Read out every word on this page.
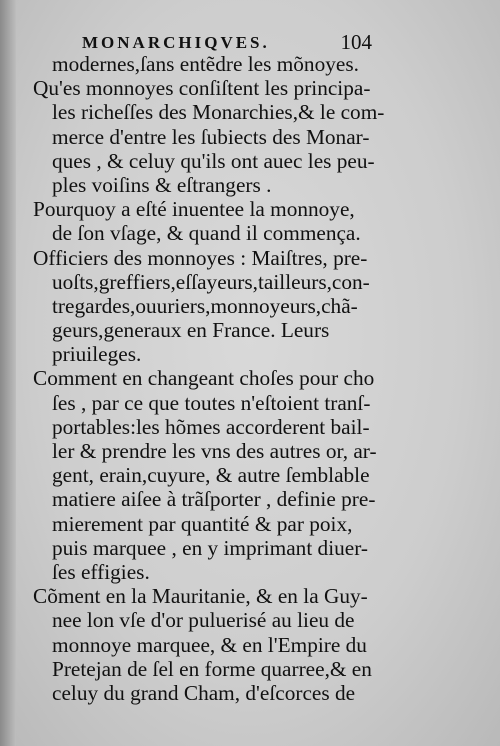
MONARCHIQVES.	104
modernes,ſans entẽdre les mõnoyes.
Qu'es monnoyes conſiſtent les principa-
les richeſſes des Monarchies,& le com-
merce d'entre les ſubiects des Monar-
ques , & celuy qu'ils ont auec les peu-
ples voiſins & eſtrangers .
Pourquoy a eſté inuentee la monnoye,
de ſon vſage, & quand il commença.
Officiers des monnoyes : Maiſtres, pre-
uoſts,greffiers,eſſayeurs,tailleurs,con-
tregardes,ouuriers,monnoyeurs,chã-
geurs,generaux en France. Leurs
priuileges.
Comment en changeant choſes pour cho
ſes , par ce que toutes n'eſtoient tranſ-
portables:les hõmes accorderent bail-
ler & prendre les vns des autres or, ar-
gent, erain,cuyure, & autre ſemblable
matiere aiſee à trãſporter , definie pre-
mierement par quantité & par poix,
puis marquee , en y imprimant diuer-
ſes effigies.
Cõment en la Mauritanie, & en la Guy-
nee lon vſe d'or puluerisé au lieu de
monnoye marquee, & en l'Empire du
Pretejan de ſel en forme quarree,& en
celuy du grand Cham, d'eſcorces de
